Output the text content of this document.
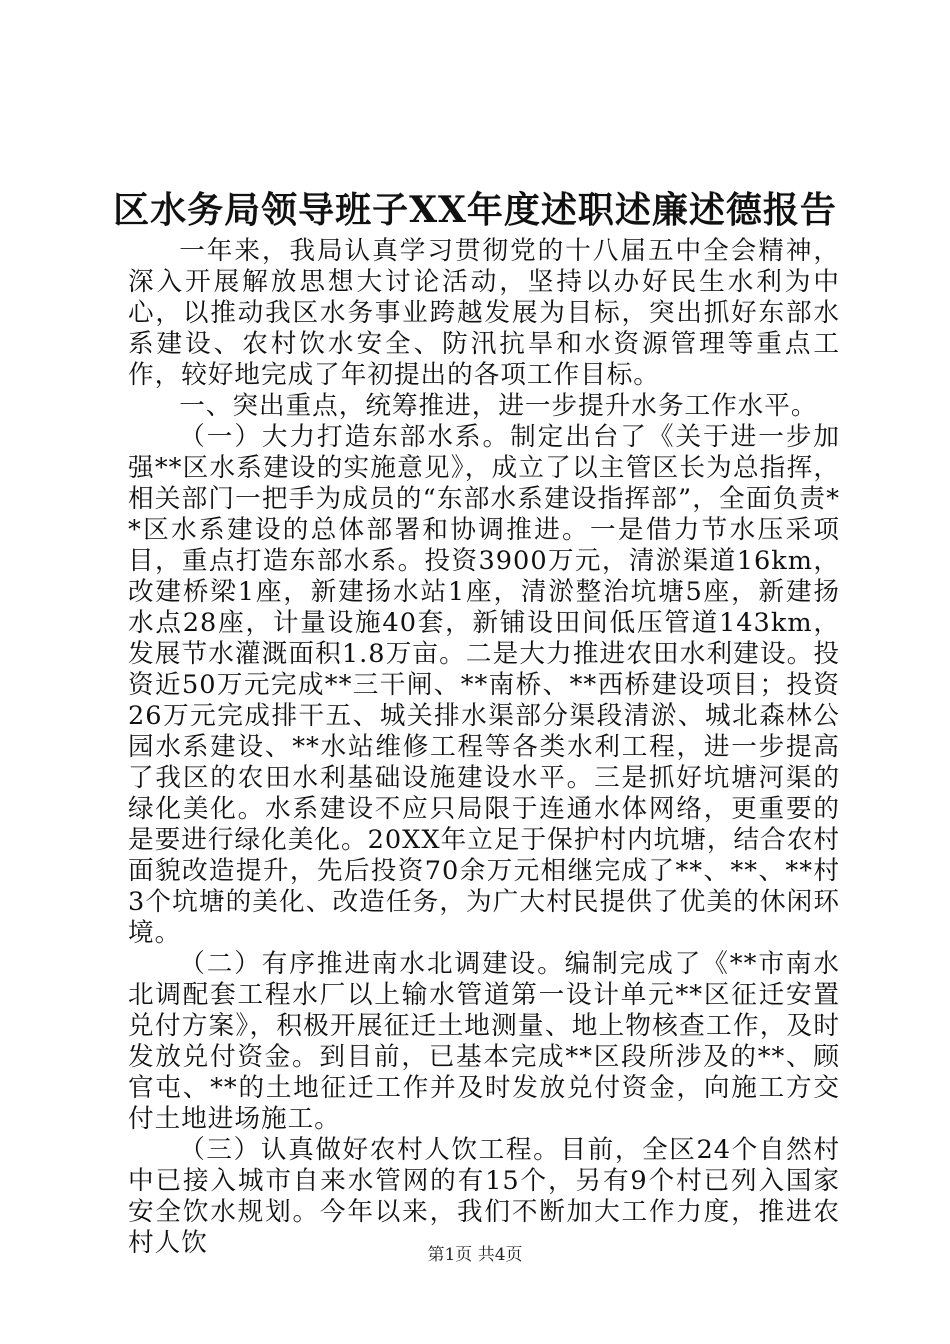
区水务局领导班子XX年度述职述廉述德报告

一年来，我局认真学习贯彻党的十八届五中全会精神，深入开展解放思想大讨论活动，坚持以办好民生水利为中心，以推动我区水务事业跨越发展为目标，突出抓好东部水系建设、农村饮水安全、防汛抗旱和水资源管理等重点工作，较好地完成了年初提出的各项工作目标。

一、突出重点，统筹推进，进一步提升水务工作水平。

（一）大力打造东部水系。制定出台了《关于进一步加强**区水系建设的实施意见》，成立了以主管区长为总指挥，相关部门一把手为成员的“东部水系建设指挥部”，全面负责**区水系建设的总体部署和协调推进。一是借力节水压采项目，重点打造东部水系。投资3900万元，清淤渠道16km，改建桥梁1座，新建扬水站1座，清淤整治坑塘5座，新建扬水点28座，计量设施40套，新铺设田间低压管道143km，发展节水灌溉面积1.8万亩。二是大力推进农田水利建设。投资近50万元完成**三干闸、**南桥、**西桥建设项目；投资26万元完成排干五、城关排水渠部分渠段清淤、城北森林公园水系建设、**水站维修工程等各类水利工程，进一步提高了我区的农田水利基础设施建设水平。三是抓好坑塘河渠的绿化美化。水系建设不应只局限于连通水体网络，更重要的是要进行绿化美化。20XX年立足于保护村内坑塘，结合农村面貌改造提升，先后投资70余万元相继完成了**、**、**村3个坑塘的美化、改造任务，为广大村民提供了优美的休闲环境。

（二）有序推进南水北调建设。编制完成了《**市南水北调配套工程水厂以上输水管道第一设计单元**区征迁安置兑付方案》，积极开展征迁土地测量、地上物核查工作，及时发放兑付资金。到目前，已基本完成**区段所涉及的**、顾官屯、**的土地征迁工作并及时发放兑付资金，向施工方交付土地进场施工。

（三）认真做好农村人饮工程。目前，全区24个自然村中已接入城市自来水管网的有15个，另有9个村已列入国家安全饮水规划。今年以来，我们不断加大工作力度，推进农村人饮	第1页 共4页
